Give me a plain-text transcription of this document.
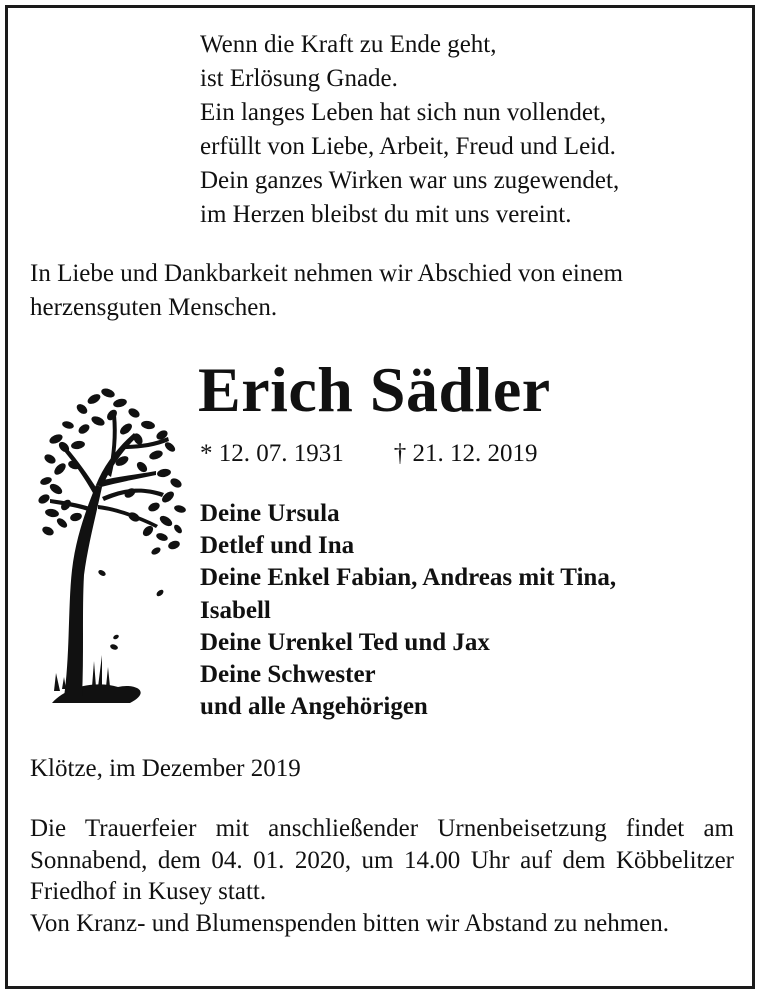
Wenn die Kraft zu Ende geht,
ist Erlösung Gnade.
Ein langes Leben hat sich nun vollendet,
erfüllt von Liebe, Arbeit, Freud und Leid.
Dein ganzes Wirken war uns zugewendet,
im Herzen bleibst du mit uns vereint.
In Liebe und Dankbarkeit nehmen wir Abschied von einem herzensguten Menschen.
Erich Sädler
* 12. 07. 1931 † 21. 12. 2019
Deine Ursula
Detlef und Ina
Deine Enkel Fabian, Andreas mit Tina,
Isabell
Deine Urenkel Ted und Jax
Deine Schwester
und alle Angehörigen
Klötze, im Dezember 2019

Die Trauerfeier mit anschließender Urnenbeisetzung findet am Sonnabend, dem 04. 01. 2020, um 14.00 Uhr auf dem Köbbelitzer Friedhof in Kusey statt.

Von Kranz- und Blumenspenden bitten wir Abstand zu nehmen.
